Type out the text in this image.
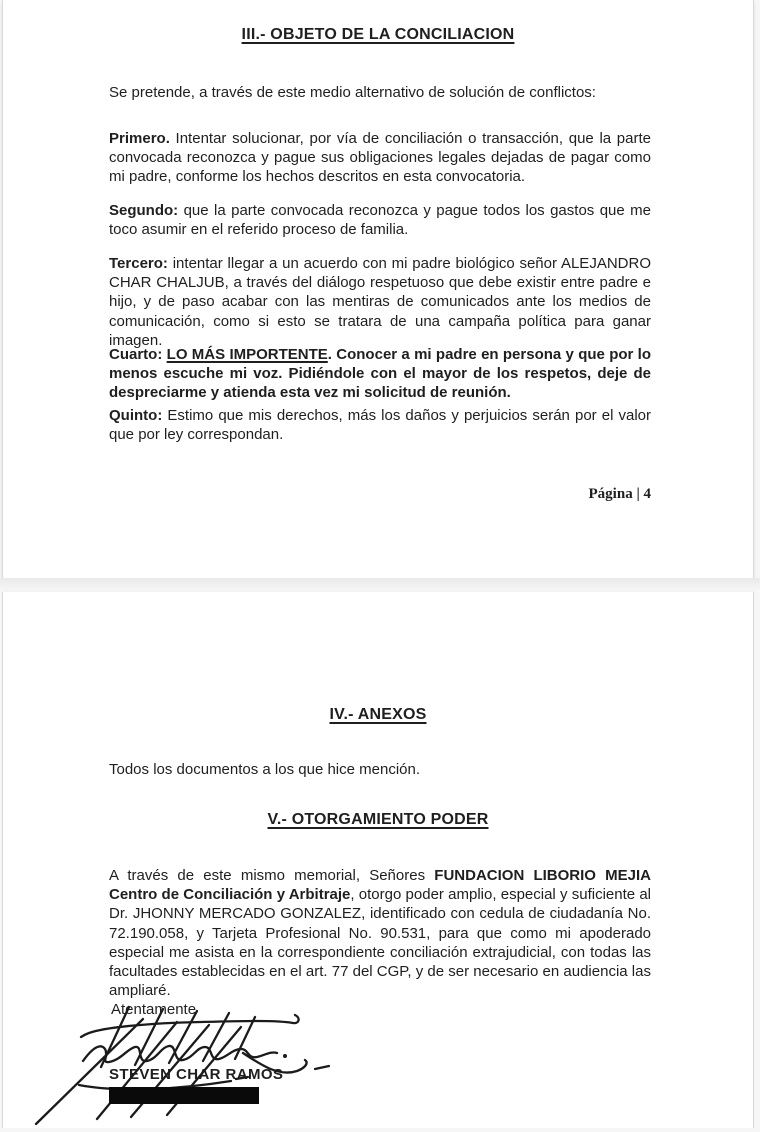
III.- OBJETO DE LA CONCILIACION

Se pretende, a través de este medio alternativo de solución de conflictos:

Primero. Intentar solucionar, por vía de conciliación o transacción, que la parte convocada reconozca y pague sus obligaciones legales dejadas de pagar como mi padre, conforme los hechos descritos en esta convocatoria.

Segundo: que la parte convocada reconozca y pague todos los gastos que me toco asumir en el referido proceso de familia.

Tercero: intentar llegar a un acuerdo con mi padre biológico señor ALEJANDRO CHAR CHALJUB, a través del diálogo respetuoso que debe existir entre padre e hijo, y de paso acabar con las mentiras de comunicados ante los medios de comunicación, como si esto se tratara de una campaña política para ganar imagen.

Cuarto: LO MÁS IMPORTENTE. Conocer a mi padre en persona y que por lo menos escuche mi voz. Pidiéndole con el mayor de los respetos, deje de despreciarme y atienda esta vez mi solicitud de reunión.

Quinto: Estimo que mis derechos, más los daños y perjuicios serán por el valor que por ley correspondan.

Página | 4

IV.- ANEXOS

Todos los documentos a los que hice mención.

V.- OTORGAMIENTO PODER

A través de este mismo memorial, Señores FUNDACION LIBORIO MEJIA Centro de Conciliación y Arbitraje, otorgo poder amplio, especial y suficiente al Dr. JHONNY MERCADO GONZALEZ, identificado con cedula de ciudadanía No. 72.190.058, y Tarjeta Profesional No. 90.531, para que como mi apoderado especial me asista en la correspondiente conciliación extrajudicial, con todas las facultades establecidas en el art. 77 del CGP, y de ser necesario en audiencia las ampliaré.

Atentamente

STEVEN CHAR RAMOS
